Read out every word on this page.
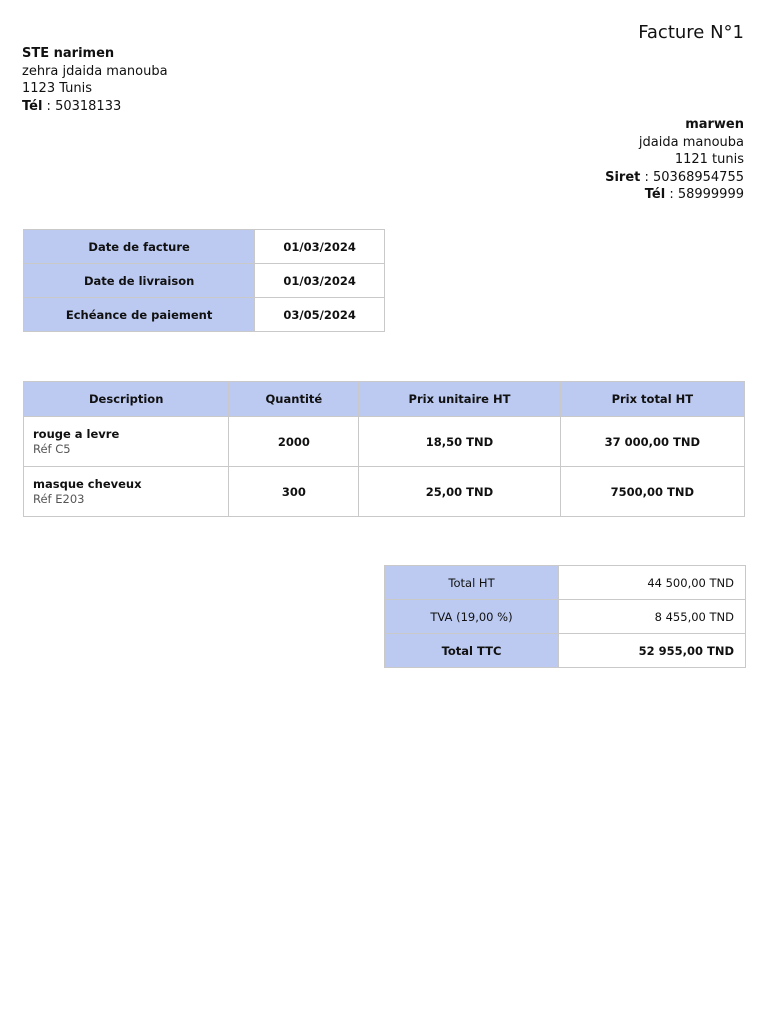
Facture N°1
STE narimen
zehra jdaida manouba
1123 Tunis
Tél : 50318133
marwen
jdaida manouba
1121 tunis
Siret : 50368954755
Tél : 58999999
Date de facture	01/03/2024
Date de livraison	01/03/2024
Echéance de paiement	03/05/2024
Description	Quantité	Prix unitaire HT	Prix total HT

rouge a levre
Réf C5	2000	18,50 TND	37 000,00 TND

masque cheveux
Réf E203	300	25,00 TND	7500,00 TND
Total HT	44 500,00 TND
TVA (19,00 %)	8 455,00 TND
Total TTC	52 955,00 TND
